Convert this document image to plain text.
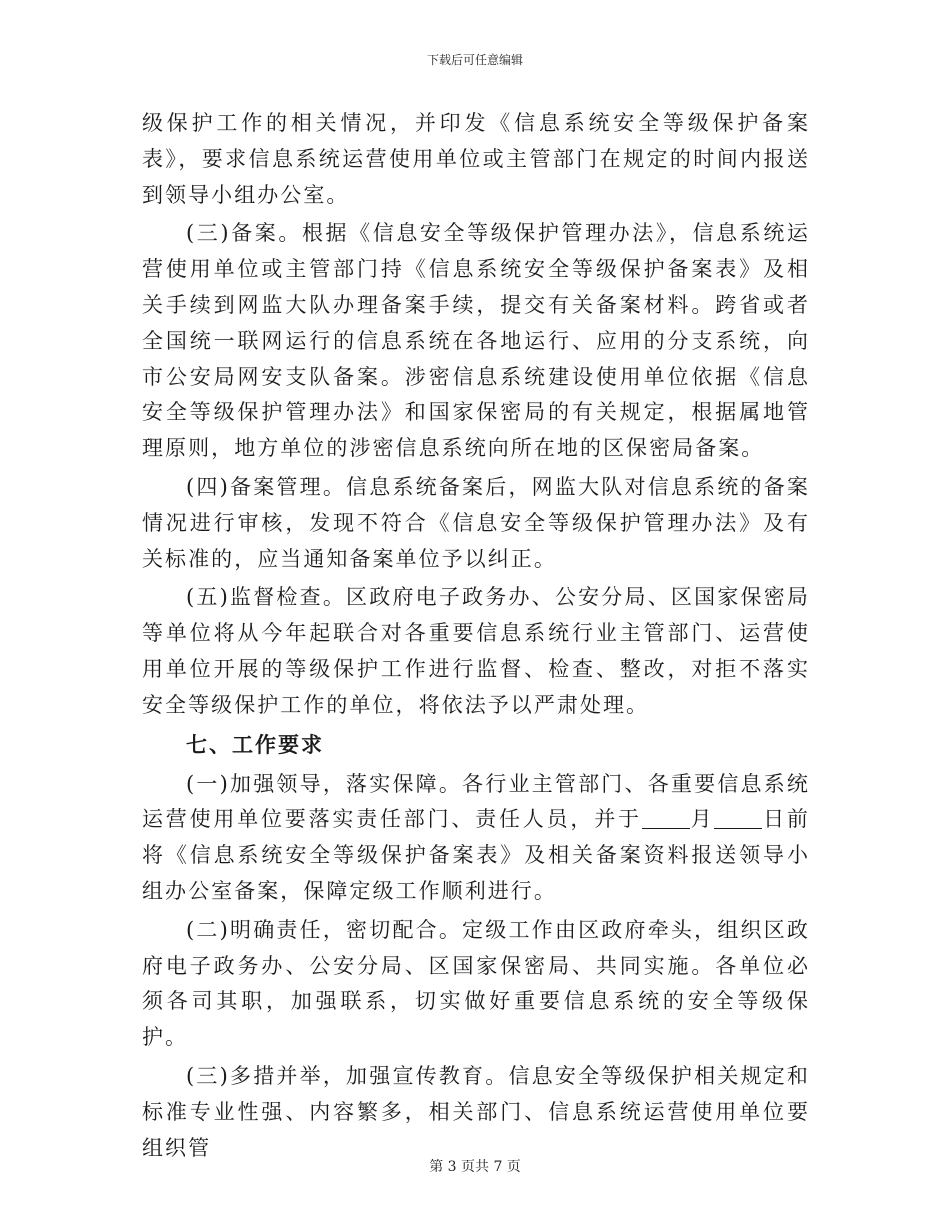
下载后可任意编辑

级保护工作的相关情况，并印发《信息系统安全等级保护备案表》，要求信息系统运营使用单位或主管部门在规定的时间内报送到领导小组办公室。

(三)备案。根据《信息安全等级保护管理办法》，信息系统运营使用单位或主管部门持《信息系统安全等级保护备案表》及相关手续到网监大队办理备案手续，提交有关备案材料。跨省或者全国统一联网运行的信息系统在各地运行、应用的分支系统，向市公安局网安支队备案。涉密信息系统建设使用单位依据《信息安全等级保护管理办法》和国家保密局的有关规定，根据属地管理原则，地方单位的涉密信息系统向所在地的区保密局备案。

(四)备案管理。信息系统备案后，网监大队对信息系统的备案情况进行审核，发现不符合《信息安全等级保护管理办法》及有关标准的，应当通知备案单位予以纠正。

(五)监督检查。区政府电子政务办、公安分局、区国家保密局等单位将从今年起联合对各重要信息系统行业主管部门、运营使用单位开展的等级保护工作进行监督、检查、整改，对拒不落实安全等级保护工作的单位，将依法予以严肃处理。

七、工作要求

(一)加强领导，落实保障。各行业主管部门、各重要信息系统运营使用单位要落实责任部门、责任人员，并于 月 日前将《信息系统安全等级保护备案表》及相关备案资料报送领导小组办公室备案，保障定级工作顺利进行。

(二)明确责任，密切配合。定级工作由区政府牵头，组织区政府电子政务办、公安分局、区国家保密局、共同实施。各单位必须各司其职，加强联系，切实做好重要信息系统的安全等级保护。

(三)多措并举，加强宣传教育。信息安全等级保护相关规定和标准专业性强、内容繁多，相关部门、信息系统运营使用单位要组织管

第 3 页共 7 页
